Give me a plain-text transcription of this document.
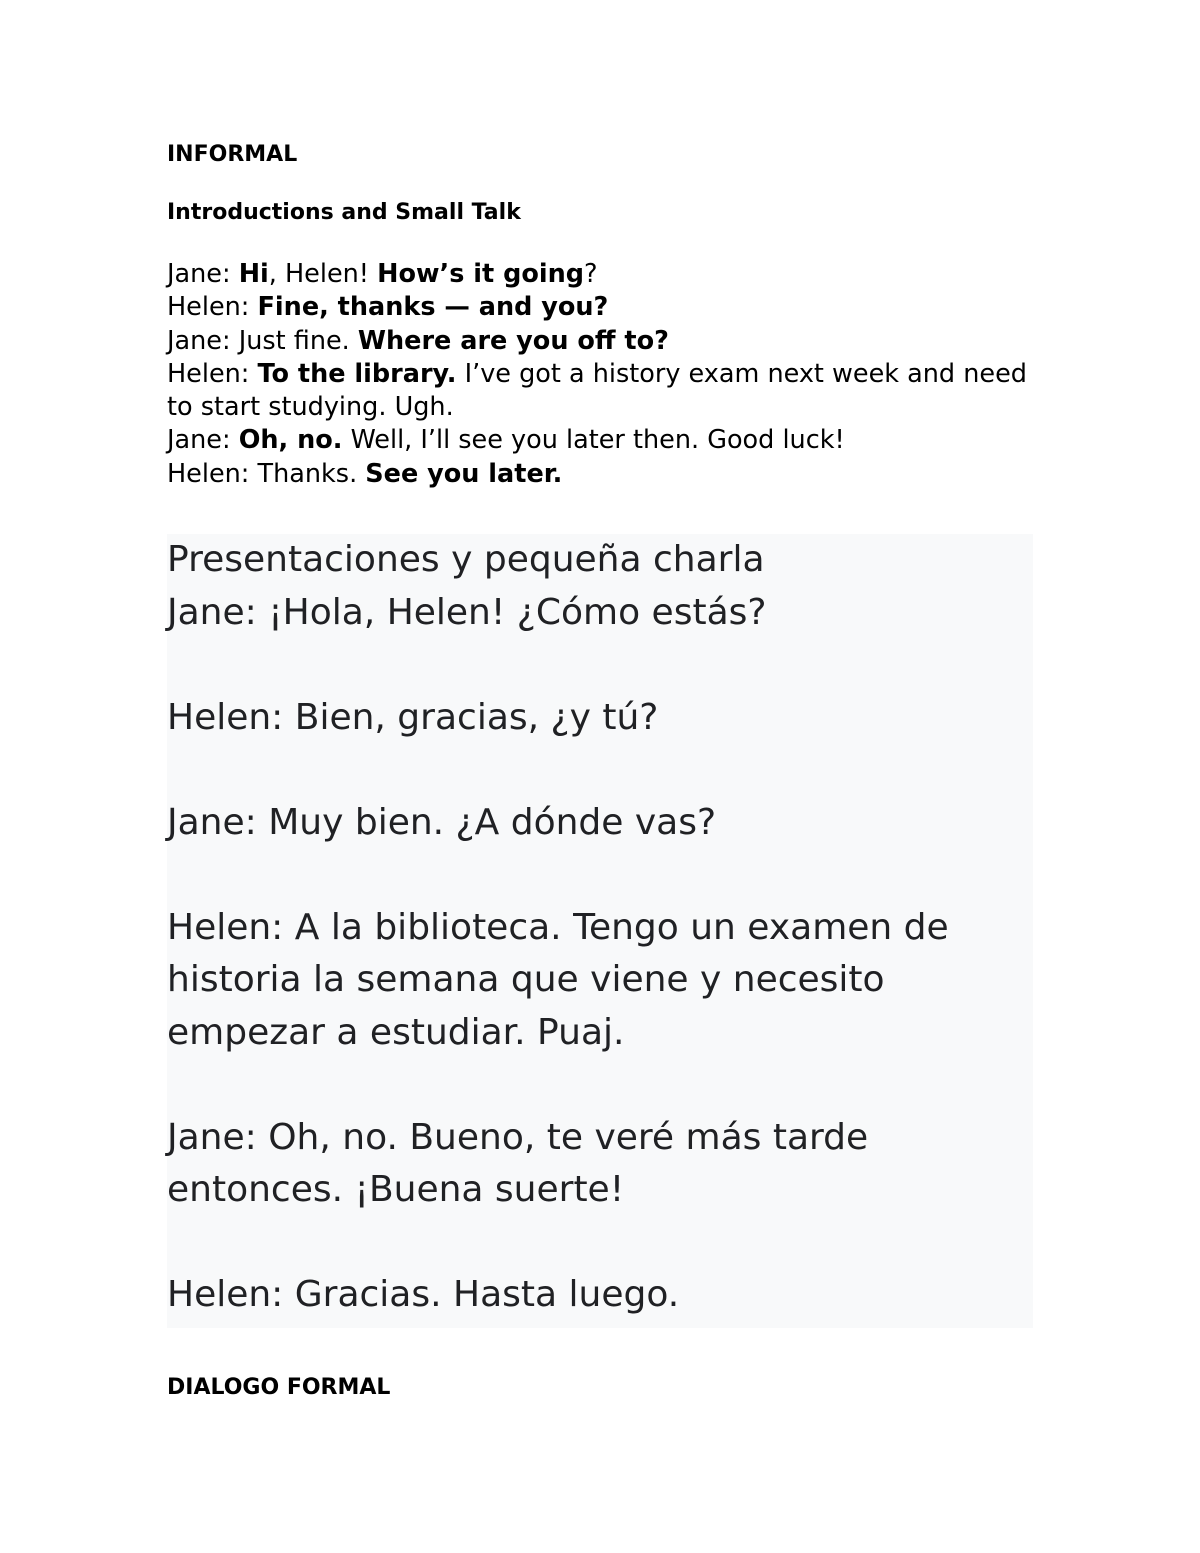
INFORMAL
Introductions and Small Talk

Jane: Hi, Helen! How’s it going?

Helen: Fine, thanks — and you?

Jane: Just fine. Where are you off to?

Helen: To the library. I’ve got a history exam next week and need to start studying. Ugh.

Jane: Oh, no. Well, I’ll see you later then. Good luck!

Helen: Thanks. See you later.

Presentaciones y pequeña charla

Jane: ¡Hola, Helen! ¿Cómo estás?

Helen: Bien, gracias, ¿y tú?

Jane: Muy bien. ¿A dónde vas?

Helen: A la biblioteca. Tengo un examen de historia la semana que viene y necesito empezar a estudiar. Puaj.

Jane: Oh, no. Bueno, te veré más tarde entonces. ¡Buena suerte!

Helen: Gracias. Hasta luego.

DIALOGO FORMAL
